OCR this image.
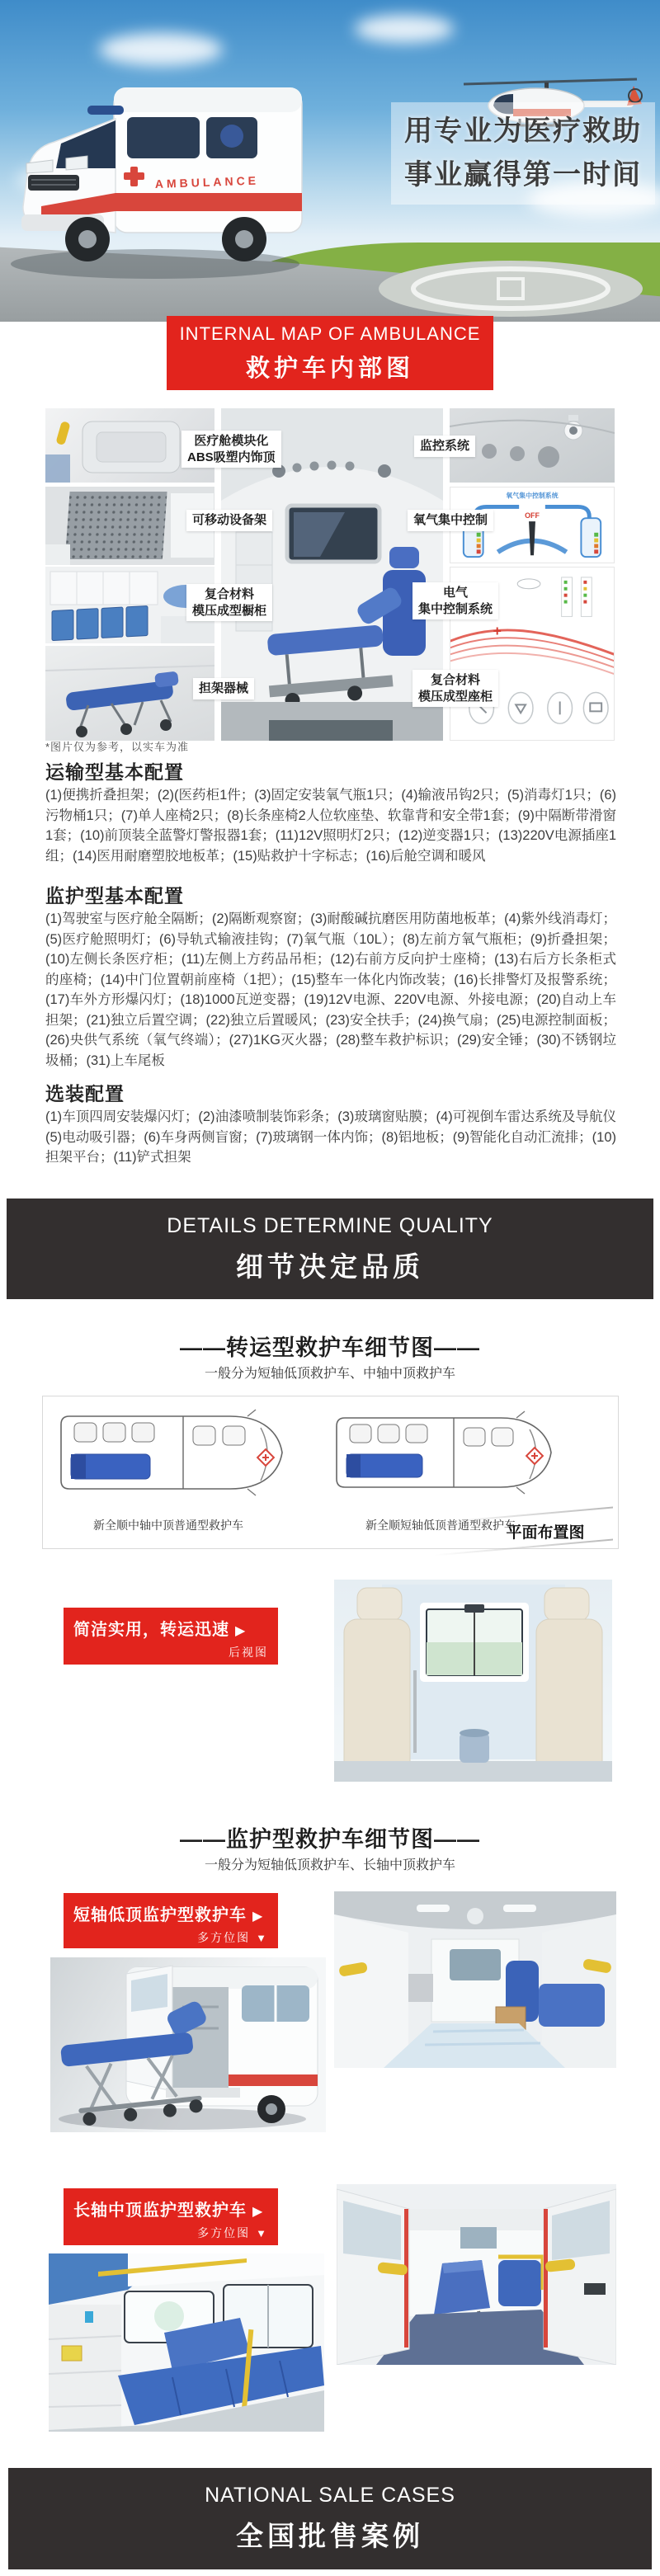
AMBULANCE
用专业为医疗救助
事业赢得第一时间
INTERNAL MAP OF AMBULANCE
救护车内部图
氧气集中控制系统
OFF
+
医疗舱模块化
ABS吸塑内饰顶
监控系统
可移动设备架	氧气集中控制
复合材料
模压成型橱柜
电气
集中控制系统
担架器械
复合材料
模压成型座柜
*图片仅为参考，以实车为准
运输型基本配置
(1)便携折叠担架；(2)(医药柜1件；(3)固定安装氧气瓶1只；(4)输液吊钩2只；(5)消毒灯1只；(6)污物桶1只；(7)单人座椅2只；(8)长条座椅2人位软座垫、软靠背和安全带1套；(9)中隔断带滑窗1套；(10)前顶装全蓝警灯警报器1套；(11)12V照明灯2只；(12)逆变器1只；(13)220V电源插座1组；(14)医用耐磨塑胶地板革；(15)贴救护十字标志；(16)后舱空调和暖风
监护型基本配置
(1)驾驶室与医疗舱全隔断；(2)隔断观察窗；(3)耐酸碱抗磨医用防菌地板革；(4)紫外线消毒灯；(5)医疗舱照明灯；(6)导轨式输液挂钩；(7)氧气瓶（10L）；(8)左前方氧气瓶柜；(9)折叠担架；(10)左侧长条医疗柜；(11)左侧上方药品吊柜；(12)右前方反向护士座椅；(13)右后方长条柜式的座椅；(14)中门位置朝前座椅（1把）；(15)整车一体化内饰改装；(16)长排警灯及报警系统；(17)车外方形爆闪灯；(18)1000瓦逆变器；(19)12V电源、220V电源、外接电源；(20)自动上车担架；(21)独立后置空调；(22)独立后置暖风；(23)安全扶手；(24)换气扇；(25)电源控制面板；(26)央供气系统（氧气终端）；(27)1KG灭火器；(28)整车救护标识；(29)安全锤；(30)不锈钢垃圾桶；(31)上车尾板
选装配置
(1)车顶四周安装爆闪灯；(2)油漆喷制装饰彩条；(3)玻璃窗贴膜；(4)可视倒车雷达系统及导航仪 (5)电动吸引器；(6)车身两侧盲窗；(7)玻璃钢一体内饰；(8)铝地板；(9)智能化自动汇流排；(10)担架平台；(11)铲式担架
DETAILS DETERMINE QUALITY
细节决定品质
——转运型救护车细节图——
一般分为短轴低顶救护车、中轴中顶救护车
新全顺中轴中顶普通型救护车	新全顺短轴低顶普通型救护车
平面布置图
简洁实用，转运迅速 ▶
后视图
——监护型救护车细节图——
一般分为短轴低顶救护车、长轴中顶救护车
短轴低顶监护型救护车 ▶
多方位图 ▼
长轴中顶监护型救护车 ▶
多方位图 ▼
NATIONAL SALE CASES
全国批售案例
